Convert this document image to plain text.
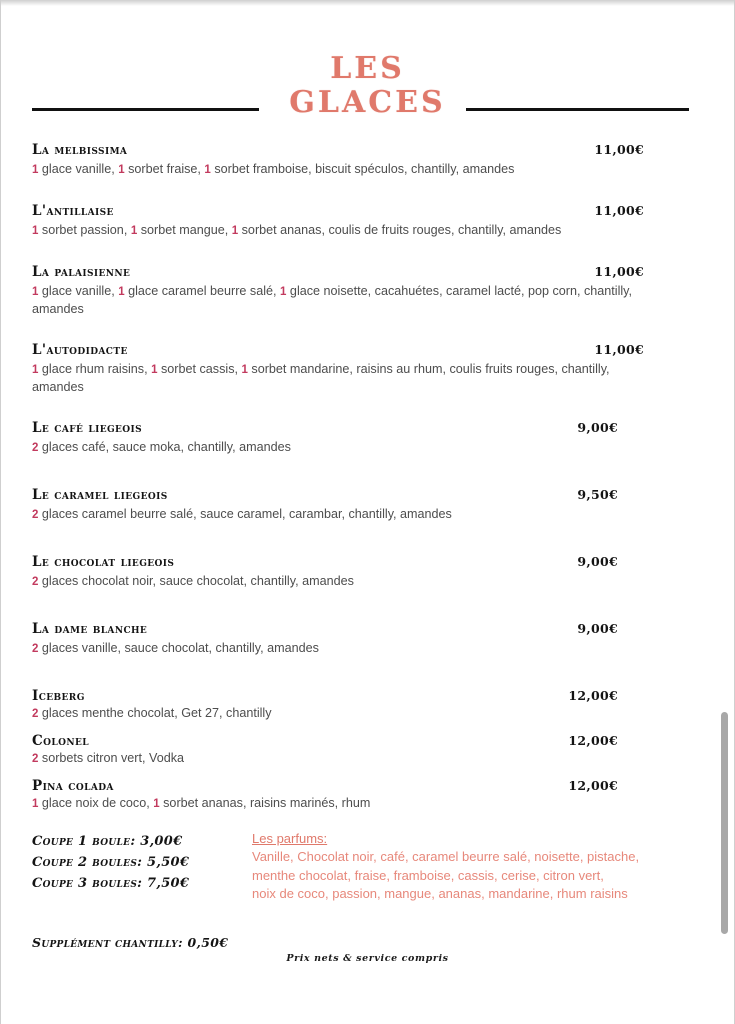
LES
GLACES
La melbissima	11,00€
1 glace vanille, 1 sorbet fraise, 1 sorbet framboise, biscuit spéculos, chantilly, amandes
L'antillaise	11,00€
1 sorbet passion, 1 sorbet mangue, 1 sorbet ananas, coulis de fruits rouges, chantilly, amandes
La palaisienne	11,00€
1 glace vanille, 1 glace caramel beurre salé, 1 glace noisette, cacahuétes, caramel lacté, pop corn, chantilly, amandes
L'autodidacte	11,00€
1 glace rhum raisins, 1 sorbet cassis, 1 sorbet mandarine, raisins au rhum, coulis fruits rouges, chantilly, amandes
Le café liegeois	9,00€
2 glaces café, sauce moka, chantilly, amandes
Le caramel liegeois	9,50€
2 glaces caramel beurre salé, sauce caramel, carambar, chantilly, amandes
Le chocolat liegeois	9,00€
2 glaces chocolat noir, sauce chocolat, chantilly, amandes
La dame blanche	9,00€
2 glaces vanille, sauce chocolat, chantilly, amandes
Iceberg	12,00€
2 glaces menthe chocolat, Get 27, chantilly
Colonel	12,00€
2 sorbets citron vert, Vodka
Pina colada	12,00€
1 glace noix de coco, 1 sorbet ananas, raisins marinés, rhum
Coupe 1 boule: 3,00€
Coupe 2 boules: 5,50€
Coupe 3 boules: 7,50€
Les parfums:
Vanille, Chocolat noir, café, caramel beurre salé, noisette, pistache,
menthe chocolat, fraise, framboise, cassis, cerise, citron vert,
noix de coco, passion, mangue, ananas, mandarine, rhum raisins
Supplément chantilly: 0,50€
Prix nets & service compris
